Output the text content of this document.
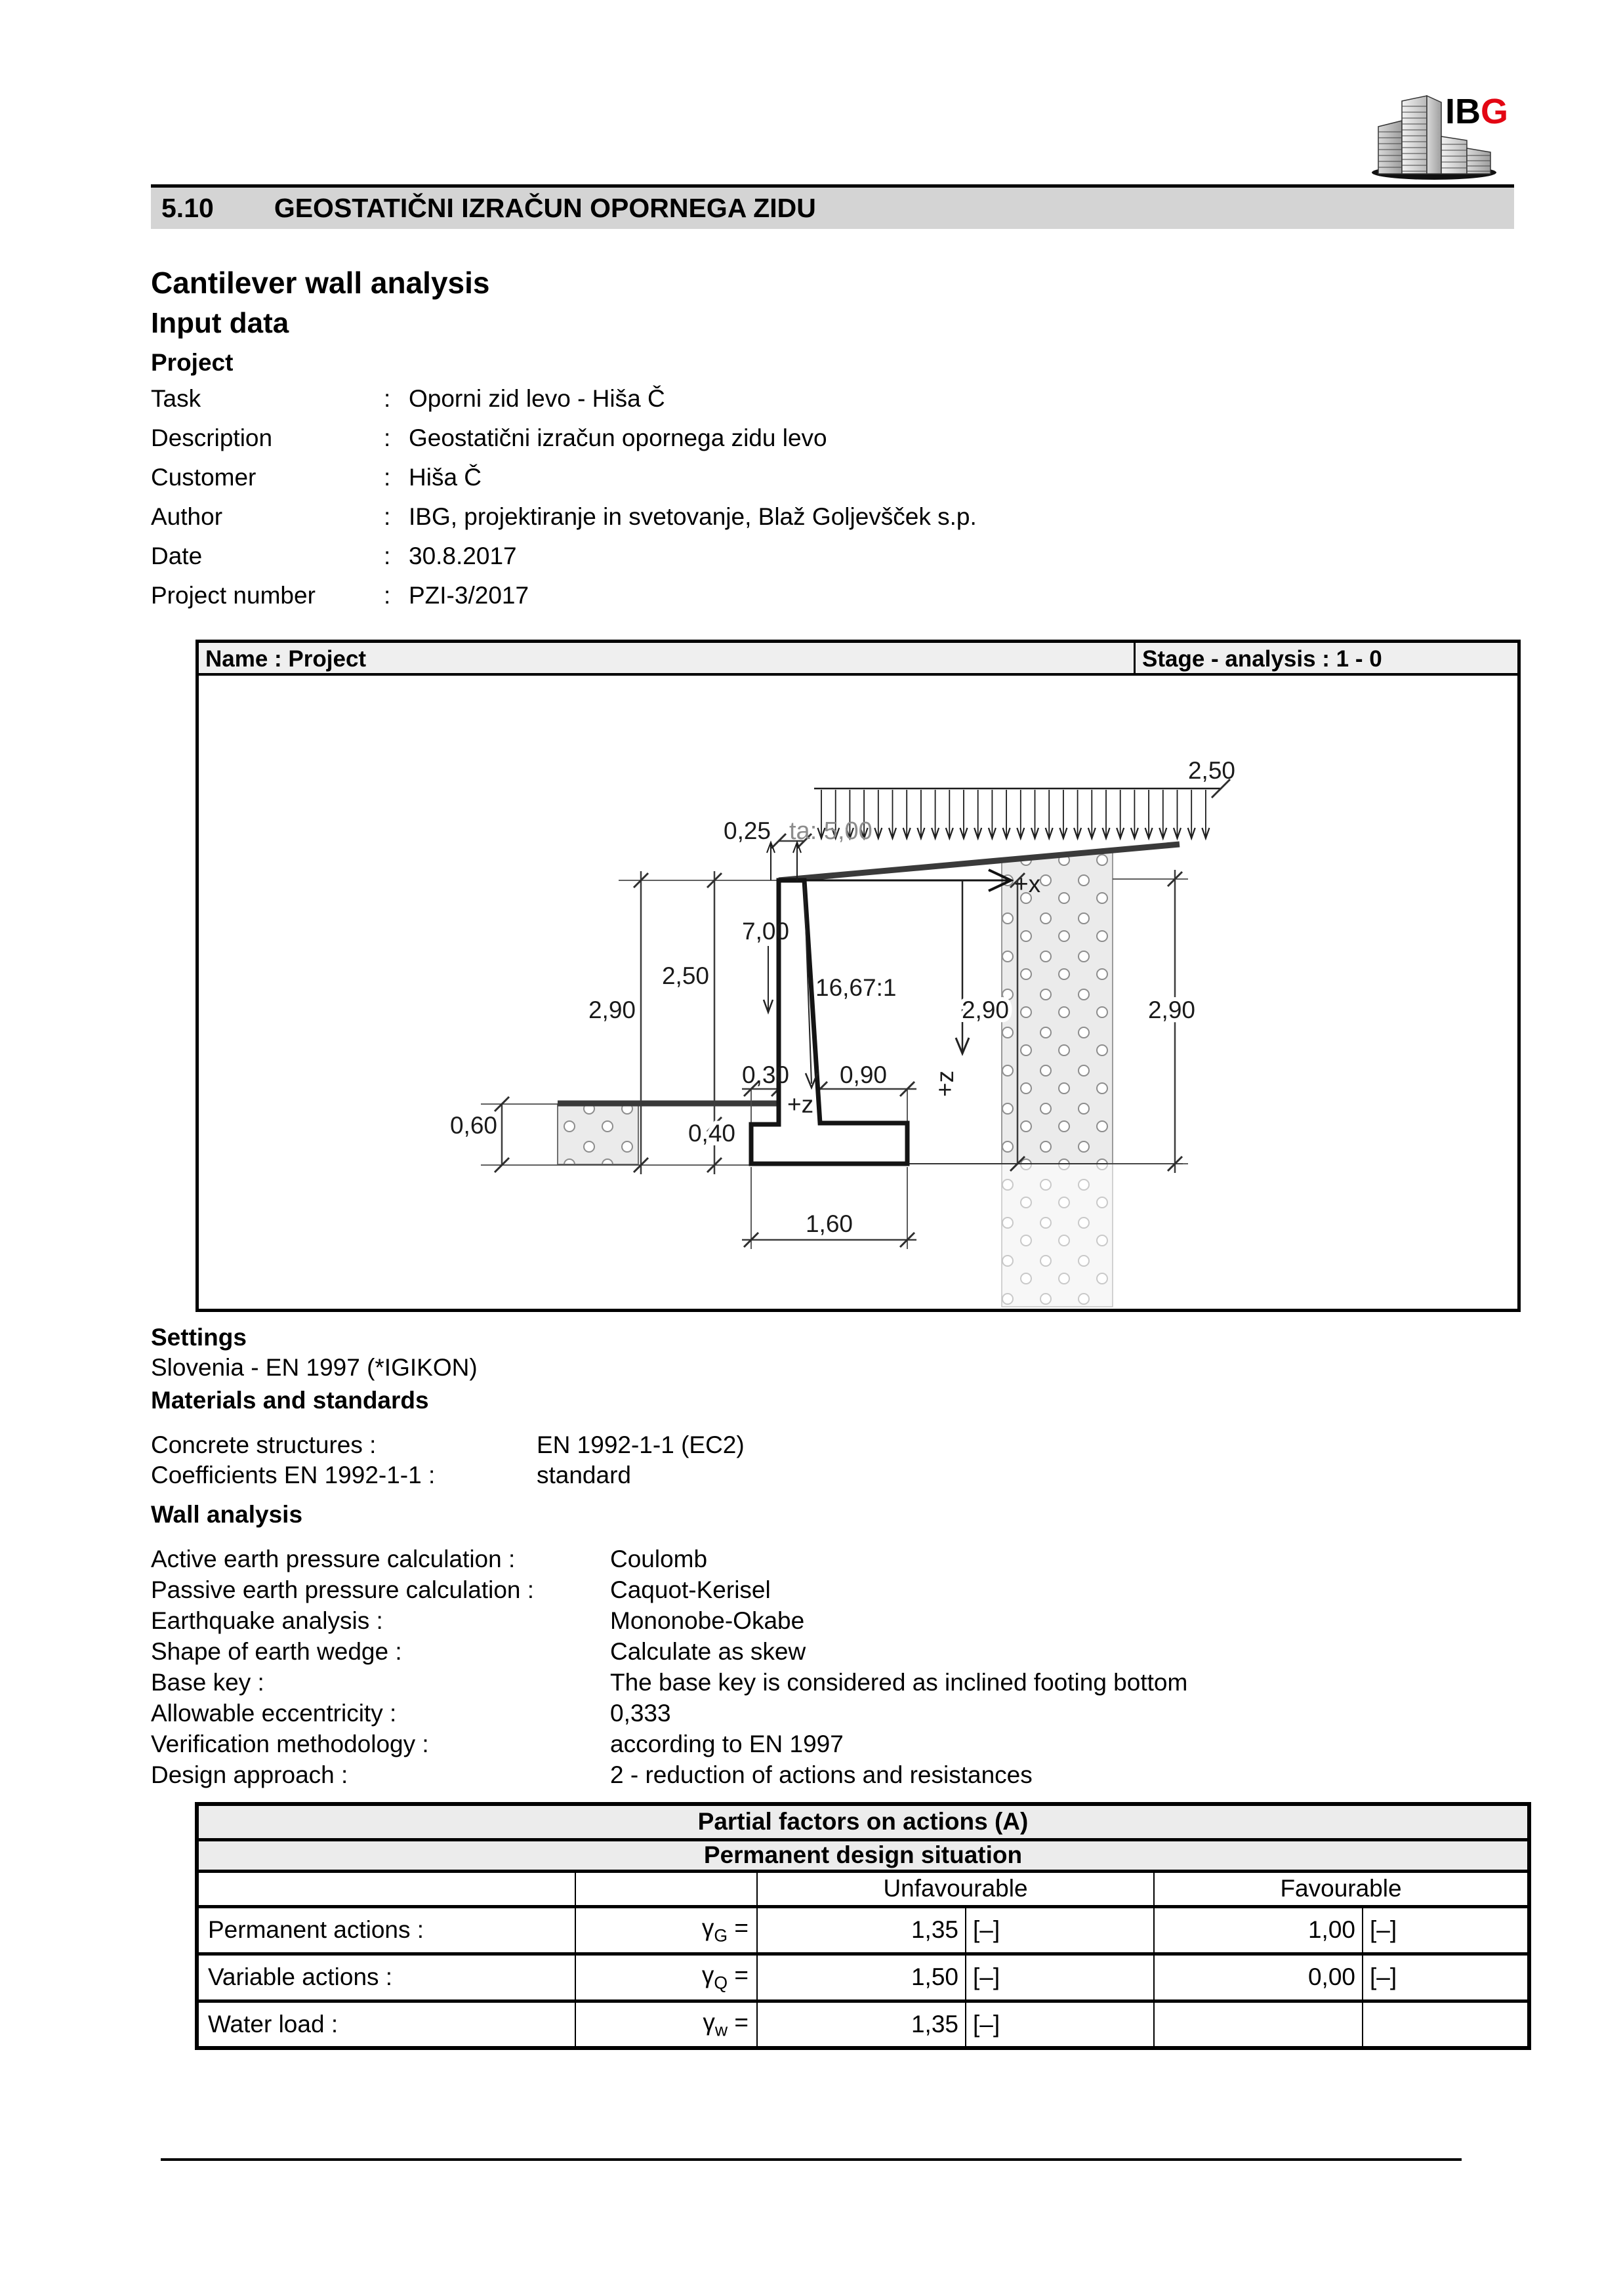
IBG
5.10 GEOSTATIČNI IZRAČUN OPORNEGA ZIDU
Cantilever wall analysis
Input data
Project
Task	: Oporni zid levo - Hiša Č
Description	: Geostatični izračun opornega zidu levo
Customer	: Hiša Č
Author	: IBG, projektiranje in svetovanje, Blaž Goljevšček s.p.
Date	: 30.8.2017
Project number	: PZI-3/2017
Name : Project	Stage - analysis : 1 - 0
ta: 5,00
0,25
2,50
7,00
2,50
2,90
16,67:1
0,30 0,90
+z
+x
+z
0,60	0,40
2,90	2,90
1,60
Settings
Slovenia - EN 1997 (*IGIKON)
Materials and standards
Concrete structures :	EN 1992-1-1 (EC2)
Coefficients EN 1992-1-1 :	standard
Wall analysis
Active earth pressure calculation :	Coulomb
Passive earth pressure calculation :	Caquot-Kerisel
Earthquake analysis :	Mononobe-Okabe
Shape of earth wedge :	Calculate as skew
Base key :	The base key is considered as inclined footing bottom
Allowable eccentricity :	0,333
Verification methodology :	according to EN 1997
Design approach :	2 - reduction of actions and resistances
Partial factors on actions (A)					
Permanent design situation					
		Unfavourable		Favourable	
Permanent actions :	$\gamma_G$ =	1,35	[–]	1,00	[–]
Variable actions :	$\gamma_Q$ =	1,50	[–]	0,00	[–]
Water load :	$\gamma_w$ =	1,35	[–]		
